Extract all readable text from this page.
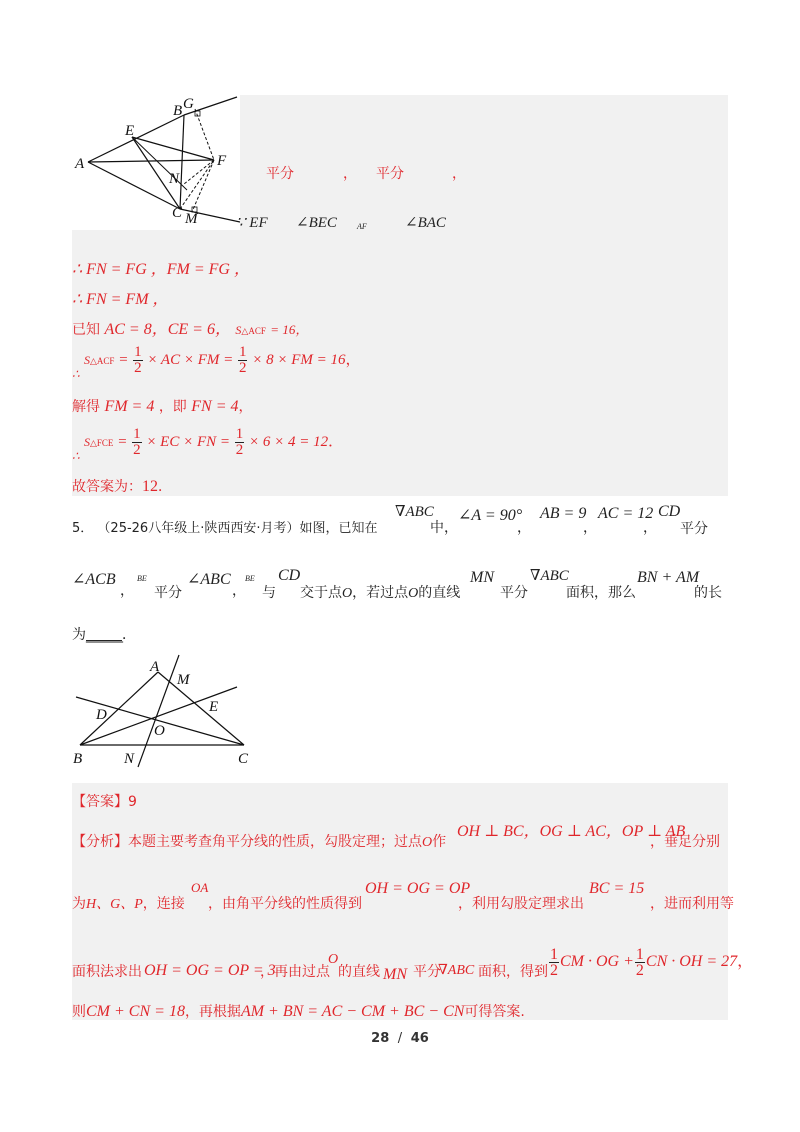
A
B G
E
F
N
C M
平分	， 平分	，
∵ EF ∠BEC	AF	∠BAC
∴ FN = FG ，FM = FG ，
∴ FN = FM ，
已知 AC = 8，CE = 6， S△ACF = 16，
∴
S△ACF = $\frac{1}{2}$ × AC × FM = $\frac{1}{2} \times 8$ × FM = 16，
解得 FM = 4 ，即 FN = 4，
∴
S△FCE = $\frac{1}{2}$ × EC × FN = $\frac{1}{2} \times 6 \times 4 = 12$．
故答案为：12．
5． （25-26八年级上·陕西西安·月考）如图，已知在
∇ABC
中，
∠A = 90°
，
AB = 9
，
AC = 12
，
CD
平分
∠ACB
，
BE
平分
∠ABC
，
BE
与
CD
交于点O，若过点O的直线
MN
平分
∇ABC
面积，那么
BN + AM
的长
为______．
A
M
D	E
O
B	N	C
【答案】9
【分析】本题主要考查角平分线的性质，勾股定理；过点O作
OH ⊥ BC，OG ⊥ AC，OP ⊥ AB
，垂足分别
为H、G、P，连接
OA
，由角平分线的性质得到
OH = OG = OP
，利用勾股定理求出
BC = 15
，进而利用等
面积法求出 OH = OG = OP = 3
，再由过点
O
的直线 MN 平分
∇ABC 面积，得到 $\frac{1}{2}$ CM · OG + $\frac{1}{2}$ CN · OH = 27，
则CM + CN = 18，再根据AM + BN = AC − CM + BC − CN可得答案.
28 / 46
